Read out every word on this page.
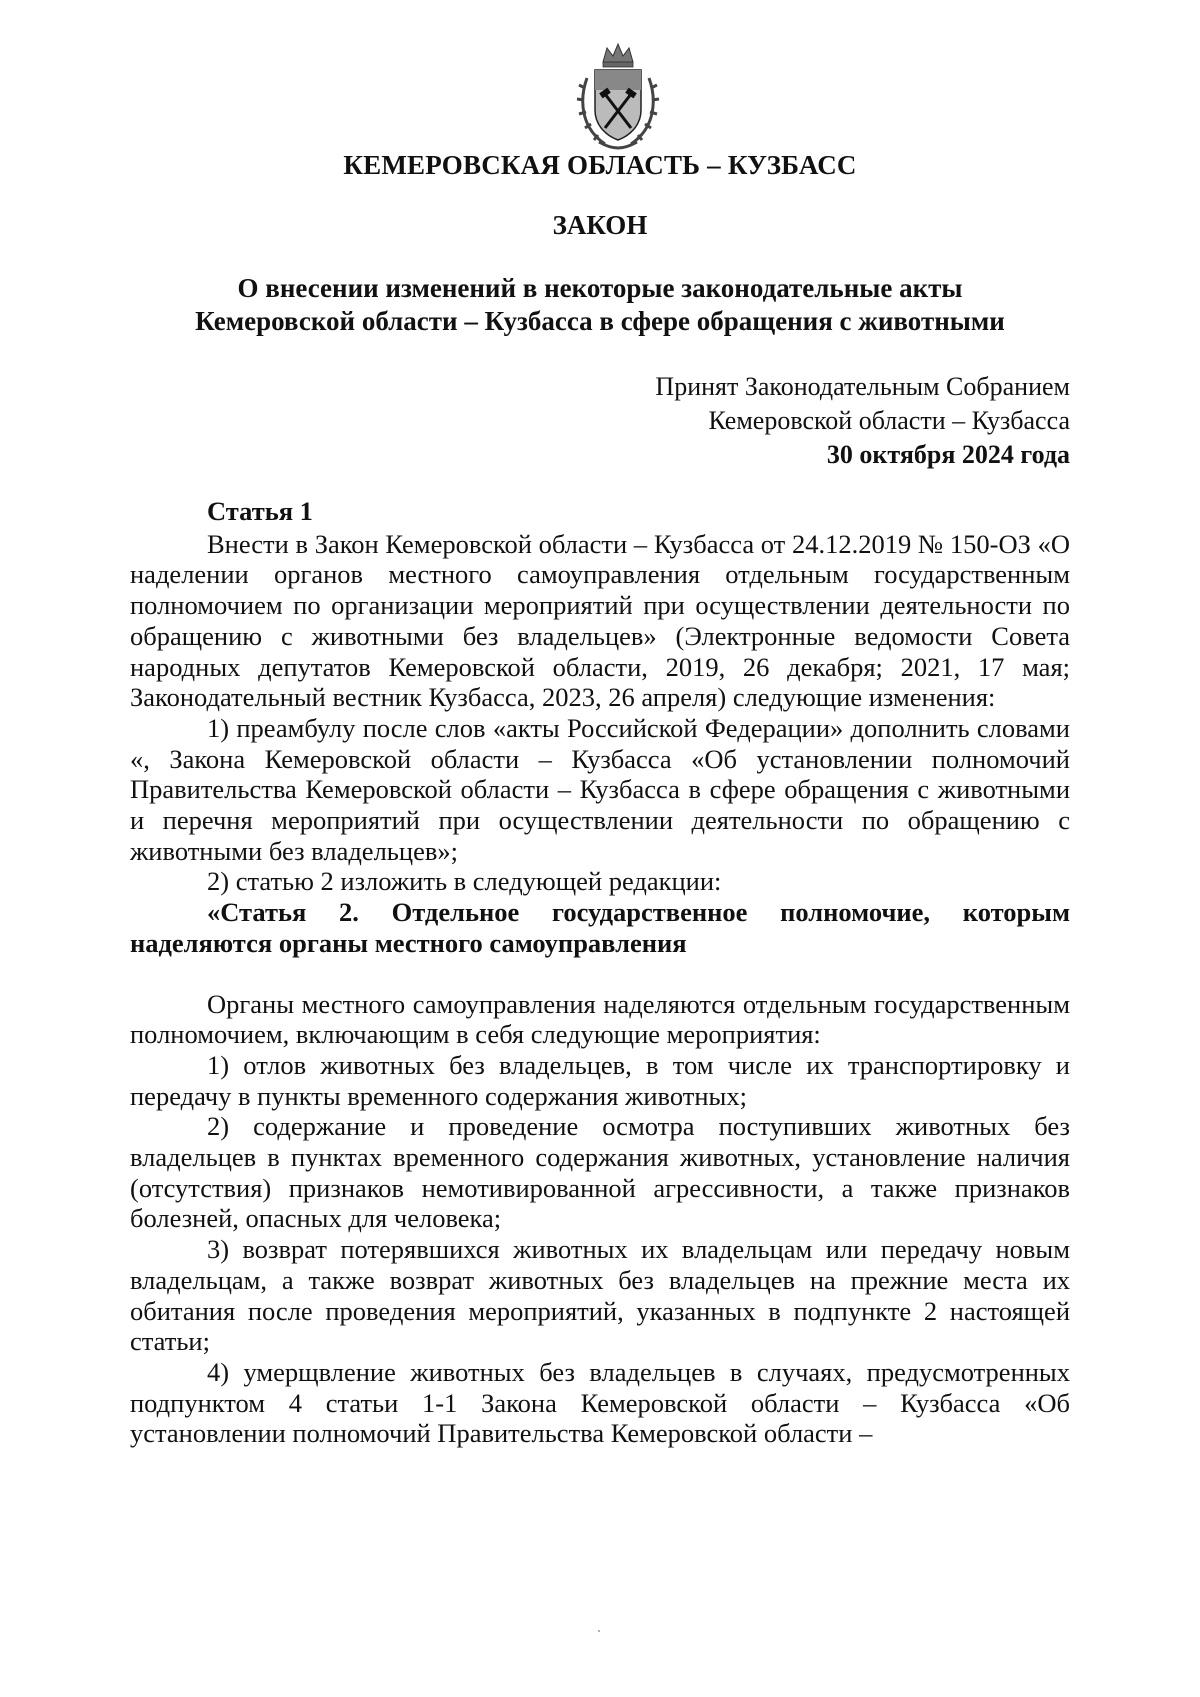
КЕМЕРОВСКАЯ ОБЛАСТЬ – КУЗБАСС
ЗАКОН
О внесении изменений в некоторые законодательные акты
Кемеровской области – Кузбасса в сфере обращения с животными
Принят Законодательным Собранием
Кемеровской области – Кузбасса
30 октября 2024 года

Статья 1

Внести в Закон Кемеровской области – Кузбасса от 24.12.2019 № 150-ОЗ «О наделении органов местного самоуправления отдельным государственным полномочием по организации мероприятий при осуществлении деятельности по обращению с животными без владельцев» (Электронные ведомости Совета народных депутатов Кемеровской области, 2019, 26 декабря; 2021, 17 мая; Законодательный вестник Кузбасса, 2023, 26 апреля) следующие изменения:

1) преамбулу после слов «акты Российской Федерации» дополнить словами «, Закона Кемеровской области – Кузбасса «Об установлении полномочий Правительства Кемеровской области – Кузбасса в сфере обращения с животными и перечня мероприятий при осуществлении деятельности по обращению с животными без владельцев»;

2) статью 2 изложить в следующей редакции:

«Статья 2. Отдельное государственное полномочие, которым наделяются органы местного самоуправления

Органы местного самоуправления наделяются отдельным государственным полномочием, включающим в себя следующие мероприятия:

1) отлов животных без владельцев, в том числе их транспортировку и передачу в пункты временного содержания животных;

2) содержание и проведение осмотра поступивших животных без владельцев в пунктах временного содержания животных, установление наличия (отсутствия) признаков немотивированной агрессивности, а также признаков болезней, опасных для человека;

3) возврат потерявшихся животных их владельцам или передачу новым владельцам, а также возврат животных без владельцев на прежние места их обитания после проведения мероприятий, указанных в подпункте 2 настоящей статьи;

4) умерщвление животных без владельцев в случаях, предусмотренных подпунктом 4 статьи 1-1 Закона Кемеровской области – Кузбасса «Об установлении полномочий Правительства Кемеровской области –
